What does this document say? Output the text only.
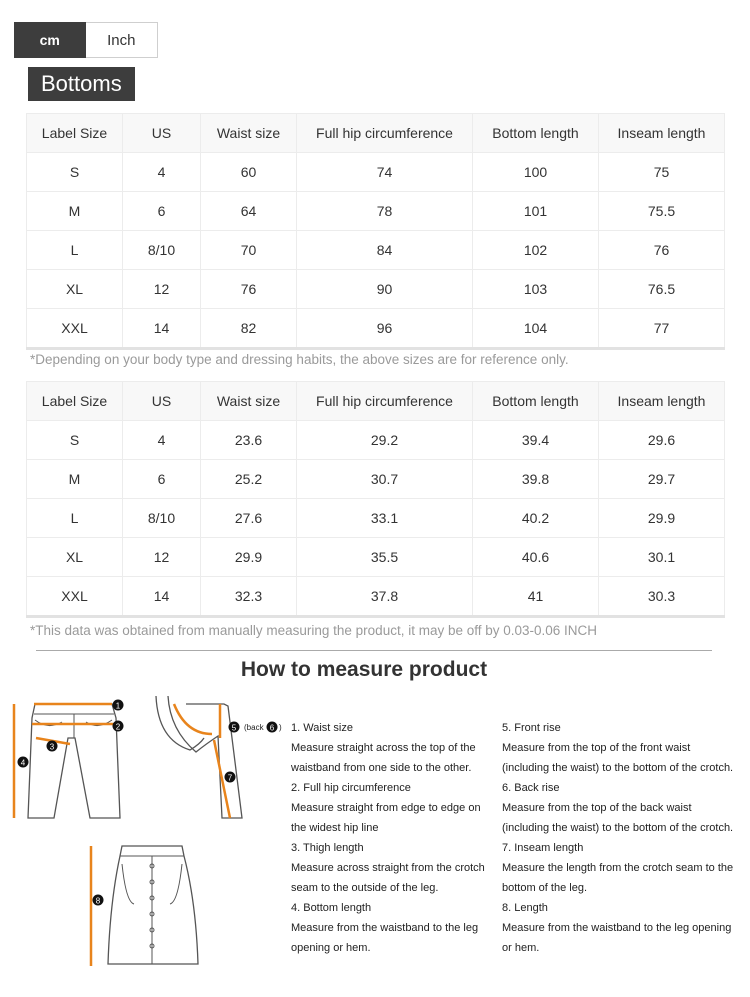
cm	Inch
Bottoms
Label Size	US	Waist size	Full hip circumference	Bottom length	Inseam length
S	4	60	74	100	75
M	6	64	78	101	75.5
L	8/10	70	84	102	76
XL	12	76	90	103	76.5
XXL	14	82	96	104	77
*Depending on your body type and dressing habits, the above sizes are for reference only.
Label Size	US	Waist size	Full hip circumference	Bottom length	Inseam length
S	4	23.6	29.2	39.4	29.6
M	6	25.2	30.7	39.8	29.7
L	8/10	27.6	33.1	40.2	29.9
XL	12	29.9	35.5	40.6	30.1
XXL	14	32.3	37.8	41	30.3
*This data was obtained from manually measuring the product, it may be off by 0.03-0.06 INCH
How to measure product
1
2
3
4
5 (back 6 )
7
8
1. Waist size
Measure straight across the top of the
waistband from one side to the other.
2. Full hip circumference
Measure straight from edge to edge on
the widest hip line
3. Thigh length
Measure across straight from the crotch
seam to the outside of the leg.
4. Bottom length
Measure from the waistband to the leg
opening or hem.
5. Front rise
Measure from the top of the front waist
(including the waist) to the bottom of the crotch.
6. Back rise
Measure from the top of the back waist
(including the waist) to the bottom of the crotch.
7. Inseam length
Measure the length from the crotch seam to the
bottom of the leg.
8. Length
Measure from the waistband to the leg opening
or hem.
